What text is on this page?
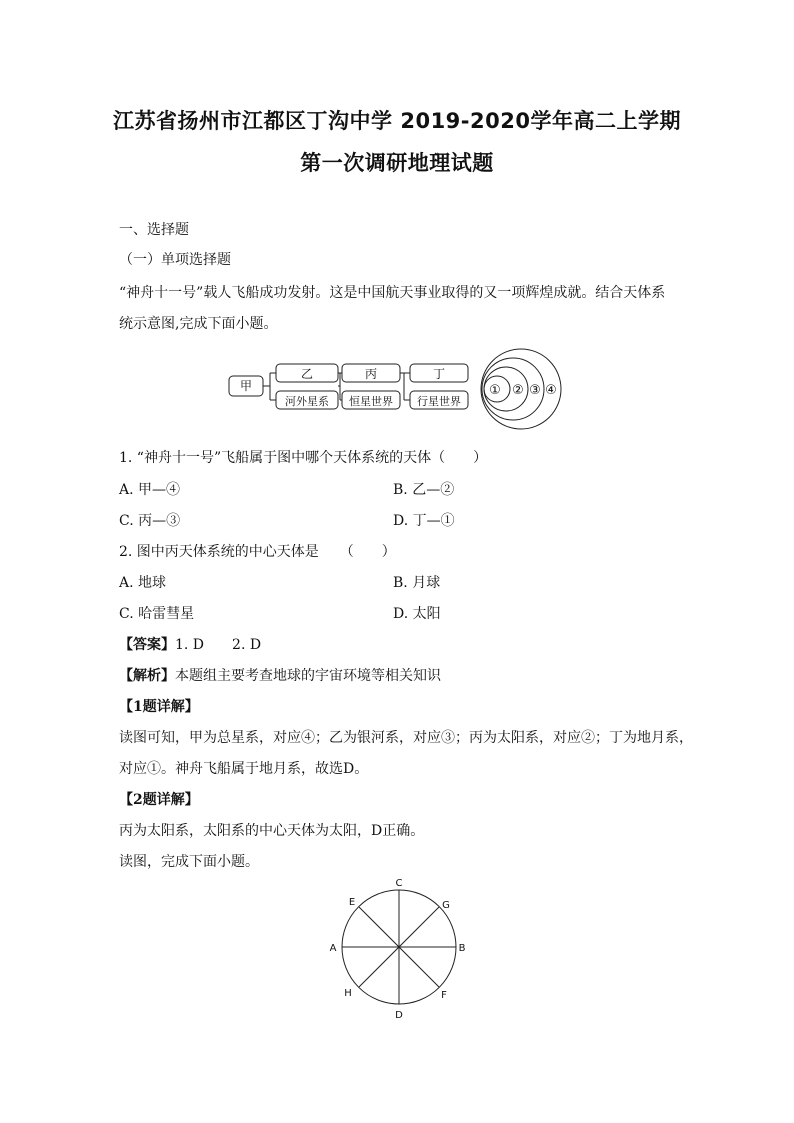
江苏省扬州市江都区丁沟中学 2019-2020学年高二上学期
第一次调研地理试题
一、选择题
（一）单项选择题
“神舟十一号”载人飞船成功发射。这是中国航天事业取得的又一项辉煌成就。结合天体系
统示意图,完成下面小题。
甲
乙
河外星系
丙
恒星世界
丁
行星世界
① ② ③ ④
C
G
E
A	B
H	F
D
1. “神舟十一号”飞船属于图中哪个天体系统的天体（　　）
A. 甲—④	B. 乙—②
C. 丙—③	D. 丁—①
2. 图中丙天体系统的中心天体是　　（　　）
A. 地球	B. 月球
C. 哈雷彗星	D. 太阳
【答案】1. D　　2. D
【解析】本题组主要考查地球的宇宙环境等相关知识
【1题详解】
读图可知，甲为总星系，对应④；乙为银河系，对应③；丙为太阳系，对应②；丁为地月系，
对应①。神舟飞船属于地月系，故选D。
【2题详解】
丙为太阳系，太阳系的中心天体为太阳，D正确。
读图，完成下面小题。
